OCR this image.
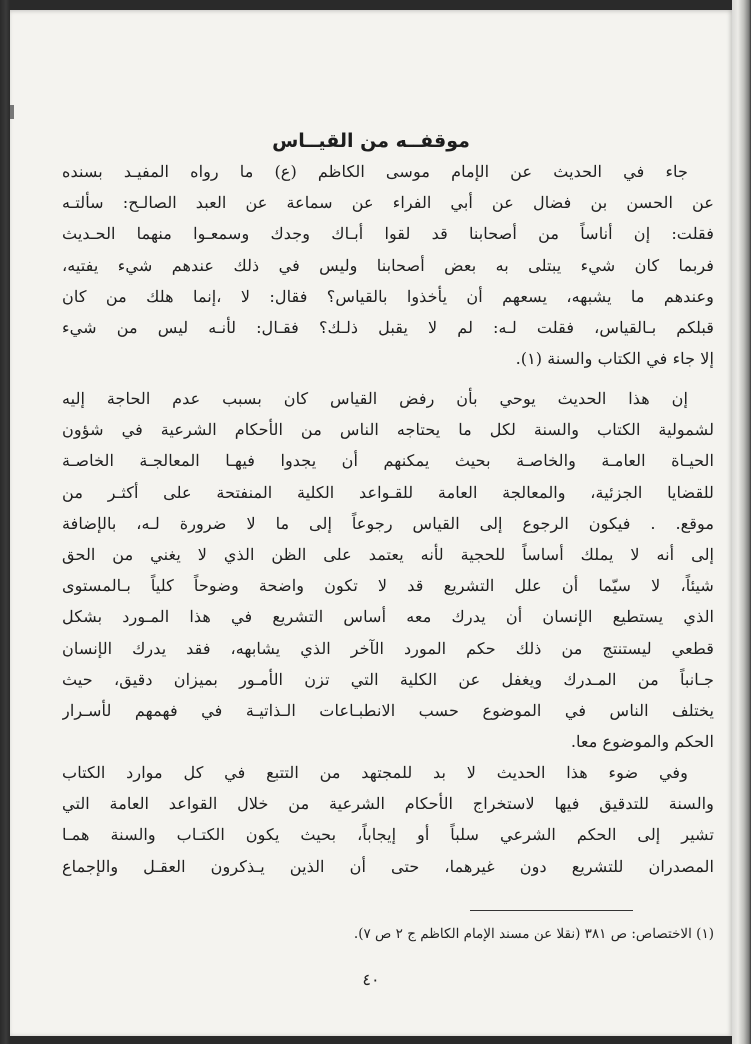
موقفــه من القيــاس
جاء في الحديث عن الإمام موسى الكاظم (ع) ما رواه المفيـد بسنده
عن الحسن بن فضال عن أبي الفراء عن سماعة عن العبد الصالـح: سألتـه
فقلت: إن أناساً من أصحابنا قد لقوا أبـاك وجدك وسمعـوا منهما الحـديث
فربما كان شيء يبتلى به بعض أصحابنا وليس في ذلك عندهم شيء يفتيه،
وعندهم ما يشبهه، يسعهم أن يأخذوا بالقياس؟ فقال: لا ،إنما هلك من كان
قبلكم بـالقياس، فقلت لـه: لم لا يقبل ذلـك؟ فقـال: لأنـه ليس من شيء
إلا جاء في الكتاب والسنة (١).
إن هذا الحديث يوحي بأن رفض القياس كان بسبب عدم الحاجة إليه
لشمولية الكتاب والسنة لكل ما يحتاجه الناس من الأحكام الشرعية في شؤون
الحيـاة العامـة والخاصـة بحيث يمكنهم أن يجدوا فيهـا المعالجـة الخاصـة
للقضايا الجزئية، والمعالجة العامة للقـواعد الكلية المنفتحة على أكثـر من
موقع. . فيكون الرجوع إلى القياس رجوعاً إلى ما لا ضرورة لـه، بالإضافة
إلى أنه لا يملك أساساً للحجية لأنه يعتمد على الظن الذي لا يغني من الحق
شيئاً، لا سيّما أن علل التشريع قد لا تكون واضحة وضوحاً كلياً بـالمستوى
الذي يستطيع الإنسان أن يدرك معه أساس التشريع في هذا المـورد بشكل
قطعي ليستنتج من ذلك حكم المورد الآخر الذي يشابهه، فقد يدرك الإنسان
جـانباً من المـدرك ويغفل عن الكلية التي تزن الأمـور بميزان دقيق، حيث
يختلف الناس في الموضوع حسب الانطبـاعات الـذاتيـة في فهمهم لأسـرار
الحكم والموضوع معا.
وفي ضوء هذا الحديث لا بد للمجتهد من التتبع في كل موارد الكتاب
والسنة للتدقيق فيها لاستخراج الأحكام الشرعية من خلال القواعد العامة التي
تشير إلى الحكم الشرعي سلباً أو إيجاباً، بحيث يكون الكتـاب والسنة همـا
المصدران للتشريع دون غيرهما، حتى أن الذين يـذكرون العقـل والإجماع
(١) الاختصاص: ص ٣٨١ (نقلا عن مسند الإمام الكاظم ج ٢ ص ٧).
٤٠
